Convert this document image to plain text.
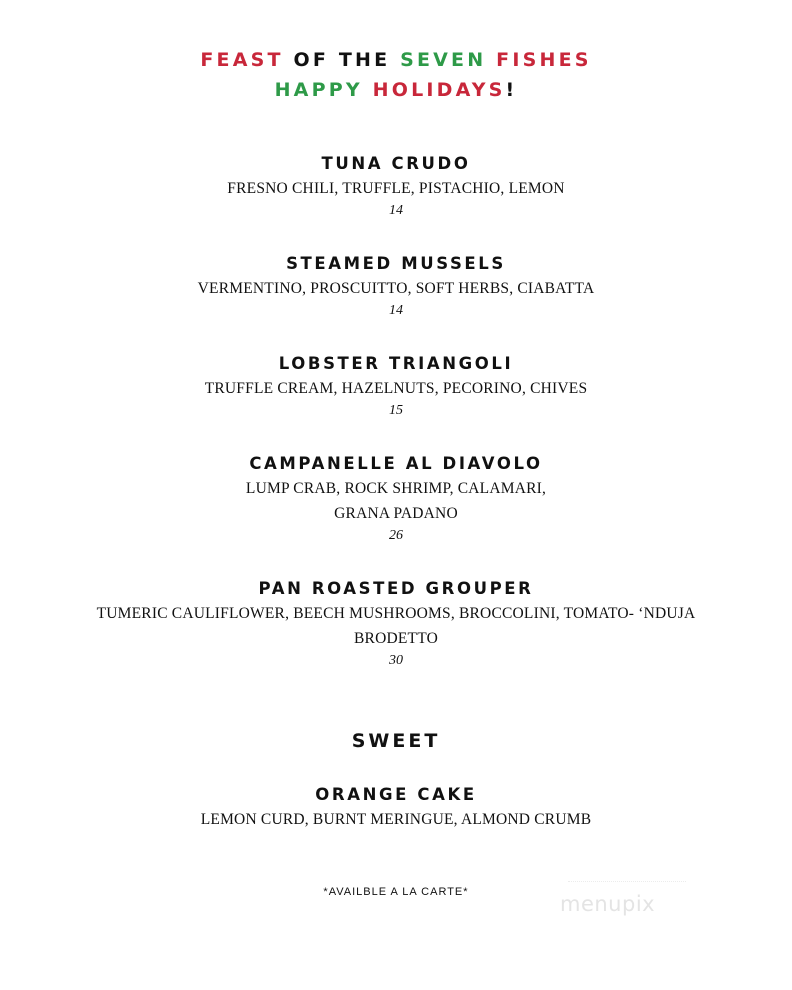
FEAST OF THE SEVEN FISHES
HAPPY HOLIDAYS!
TUNA CRUDO
FRESNO CHILI, TRUFFLE, PISTACHIO, LEMON
14
STEAMED MUSSELS
VERMENTINO, PROSCUITTO, SOFT HERBS, CIABATTA
14
LOBSTER TRIANGOLI
TRUFFLE CREAM, HAZELNUTS, PECORINO, CHIVES
15
CAMPANELLE AL DIAVOLO
LUMP CRAB, ROCK SHRIMP, CALAMARI,
GRANA PADANO
26
PAN ROASTED GROUPER
TUMERIC CAULIFLOWER, BEECH MUSHROOMS, BROCCOLINI, TOMATO- ‘NDUJA
BRODETTO
30
SWEET
ORANGE CAKE
LEMON CURD, BURNT MERINGUE, ALMOND CRUMB
*AVAILBLE A LA CARTE*	menupix
